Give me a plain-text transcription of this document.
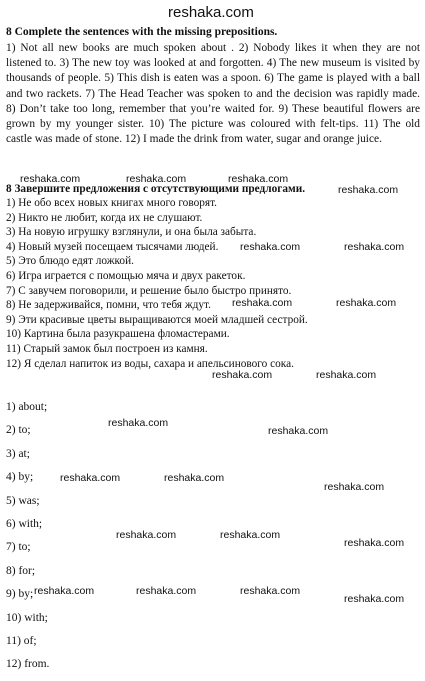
reshaka.com
8 Complete the sentences with the missing prepositions.
1) Not all new books are much spoken about . 2) Nobody likes it when they are not listened to. 3) The new toy was looked at and forgotten. 4) The new museum is visited by thousands of people. 5) This dish is eaten was a spoon. 6) The game is played with a ball and two rackets. 7) The Head Teacher was spoken to and the decision was rapidly made. 8) Don’t take too long, remember that you’re waited for. 9) These beautiful flowers are grown by my younger sister. 10) The picture was coloured with felt-tips. 11) The old castle was made of stone. 12) I made the drink from water, sugar and orange juice.
reshaka.com	reshaka.com	reshaka.com
reshaka.com
8 Завершите предложения с отсутствующими предлогами.
1) Не обо всех новых книгах много говорят.
2) Никто не любит, когда их не слушают.
3) На новую игрушку взглянули, и она была забыта.
4) Новый музей посещаем тысячами людей.
5) Это блюдо едят ложкой.
6) Игра играется с помощью мяча и двух ракеток.
7) С завучем поговорили, и решение было быстро принято.
8) Не задерживайся, помни, что тебя ждут.
9) Эти красивые цветы выращиваются моей младшей сестрой.
10) Картина была разукрашена фломастерами.
11) Старый замок был построен из камня.
12) Я сделал напиток из воды, сахара и апельсинового сока.
reshaka.com	reshaka.com
reshaka.com	reshaka.com
reshaka.com	reshaka.com
1) about;
2) to;
3) at;
4) by;
5) was;
6) with;
7) to;
8) for;
9) by;
10) with;
11) of;
12) from.
reshaka.com
reshaka.com
reshaka.com	reshaka.com
reshaka.com
reshaka.com	reshaka.com
reshaka.com
reshaka.com	reshaka.com	reshaka.com
reshaka.com
